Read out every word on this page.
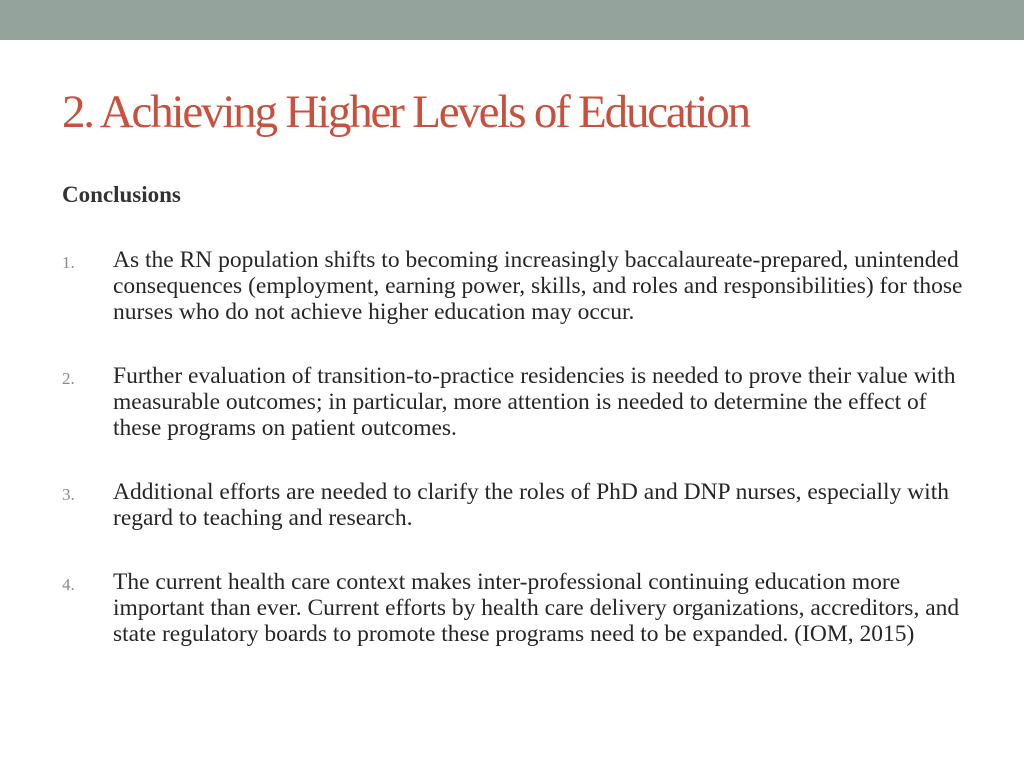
2. Achieving Higher Levels of Education
Conclusions
1. As the RN population shifts to becoming increasingly baccalaureate-prepared, unintended consequences (employment, earning power, skills, and roles and responsibilities) for those nurses who do not achieve higher education may occur.
2. Further evaluation of transition-to-practice residencies is needed to prove their value with measurable outcomes; in particular, more attention is needed to determine the effect of these programs on patient outcomes.
3. Additional efforts are needed to clarify the roles of PhD and DNP nurses, especially with regard to teaching and research.
4. The current health care context makes inter-professional continuing education more important than ever. Current efforts by health care delivery organizations, accreditors, and state regulatory boards to promote these programs need to be expanded. (IOM, 2015)
